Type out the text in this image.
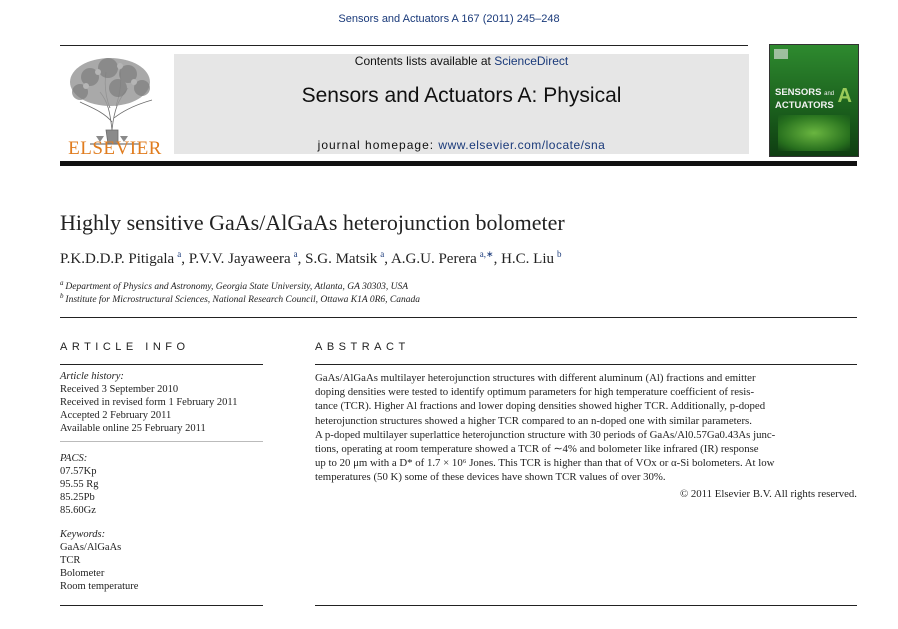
Sensors and Actuators A 167 (2011) 245–248
ELSEVIER
Contents lists available at ScienceDirect
Sensors and Actuators A: Physical
journal homepage: www.elsevier.com/locate/sna
SENSORS and
ACTUATORS A
Highly sensitive GaAs/AlGaAs heterojunction bolometer
P.K.D.D.P. Pitigala  $^a$, P.V.V. Jayaweera  $^a$, S.G. Matsik  $^a$, A.G.U. Perera  $^{a,∗}$, H.C. Liu  $^b$
$^a$  Department of Physics and Astronomy, Georgia State University, Atlanta, GA 30303, USA
$^b$  Institute for Microstructural Sciences, National Research Council, Ottawa K1A 0R6, Canada
ARTICLE INFO
Article history:
Received 3 September 2010
Received in revised form 1 February 2011
Accepted 2 February 2011
Available online 25 February 2011
PACS:
07.57Kp
95.55 Rg
85.25Pb
85.60Gz
Keywords:
GaAs/AlGaAs
TCR
Bolometer
Room temperature
ABSTRACT
GaAs/AlGaAs multilayer heterojunction structures with different aluminum (Al) fractions and emitter
doping densities were tested to identify optimum parameters for high temperature coefficient of resis-
tance (TCR). Higher Al fractions and lower doping densities showed higher TCR. Additionally, p-doped
heterojunction structures showed a higher TCR compared to an n-doped one with similar parameters.
A p-doped multilayer superlattice heterojunction structure with 30 periods of GaAs/Al0.57Ga0.43As junc-
tions, operating at room temperature showed a TCR of ∼4% and bolometer like infrared (IR) response
up to 20 μm with a D* of 1.7 × 10⁶ Jones. This TCR is higher than that of VOx or α-Si bolometers. At low
temperatures (50 K) some of these devices have shown TCR values of over 30%.
© 2011 Elsevier B.V. All rights reserved.
